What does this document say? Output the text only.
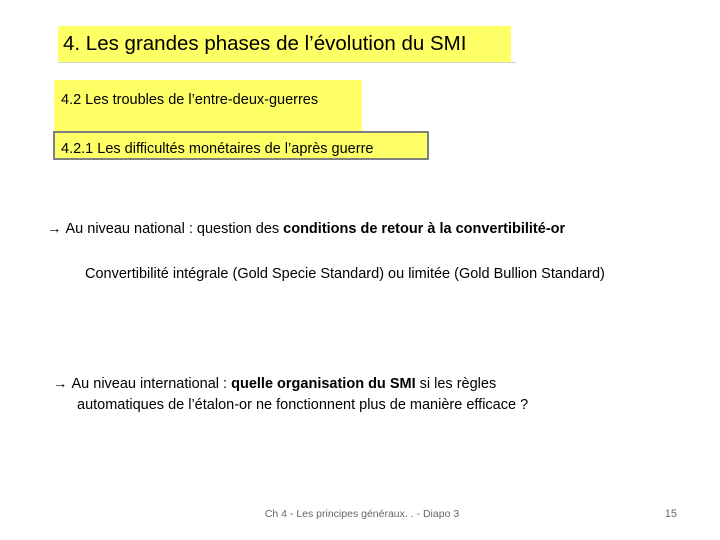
4. Les grandes phases de l’évolution du SMI
4.2 Les troubles de l’entre-deux-guerres
4.2.1 Les difficultés monétaires de l’après guerre
→ Au niveau national : question des conditions de retour à la convertibilité-or
Convertibilité intégrale (Gold Specie Standard) ou limitée (Gold Bullion Standard)
→ Au niveau international : quelle organisation du SMI si les règles
automatiques de l’étalon-or ne fonctionnent plus de manière efficace ?
Ch 4 - Les principes généraux. . - Diapo 3	15
